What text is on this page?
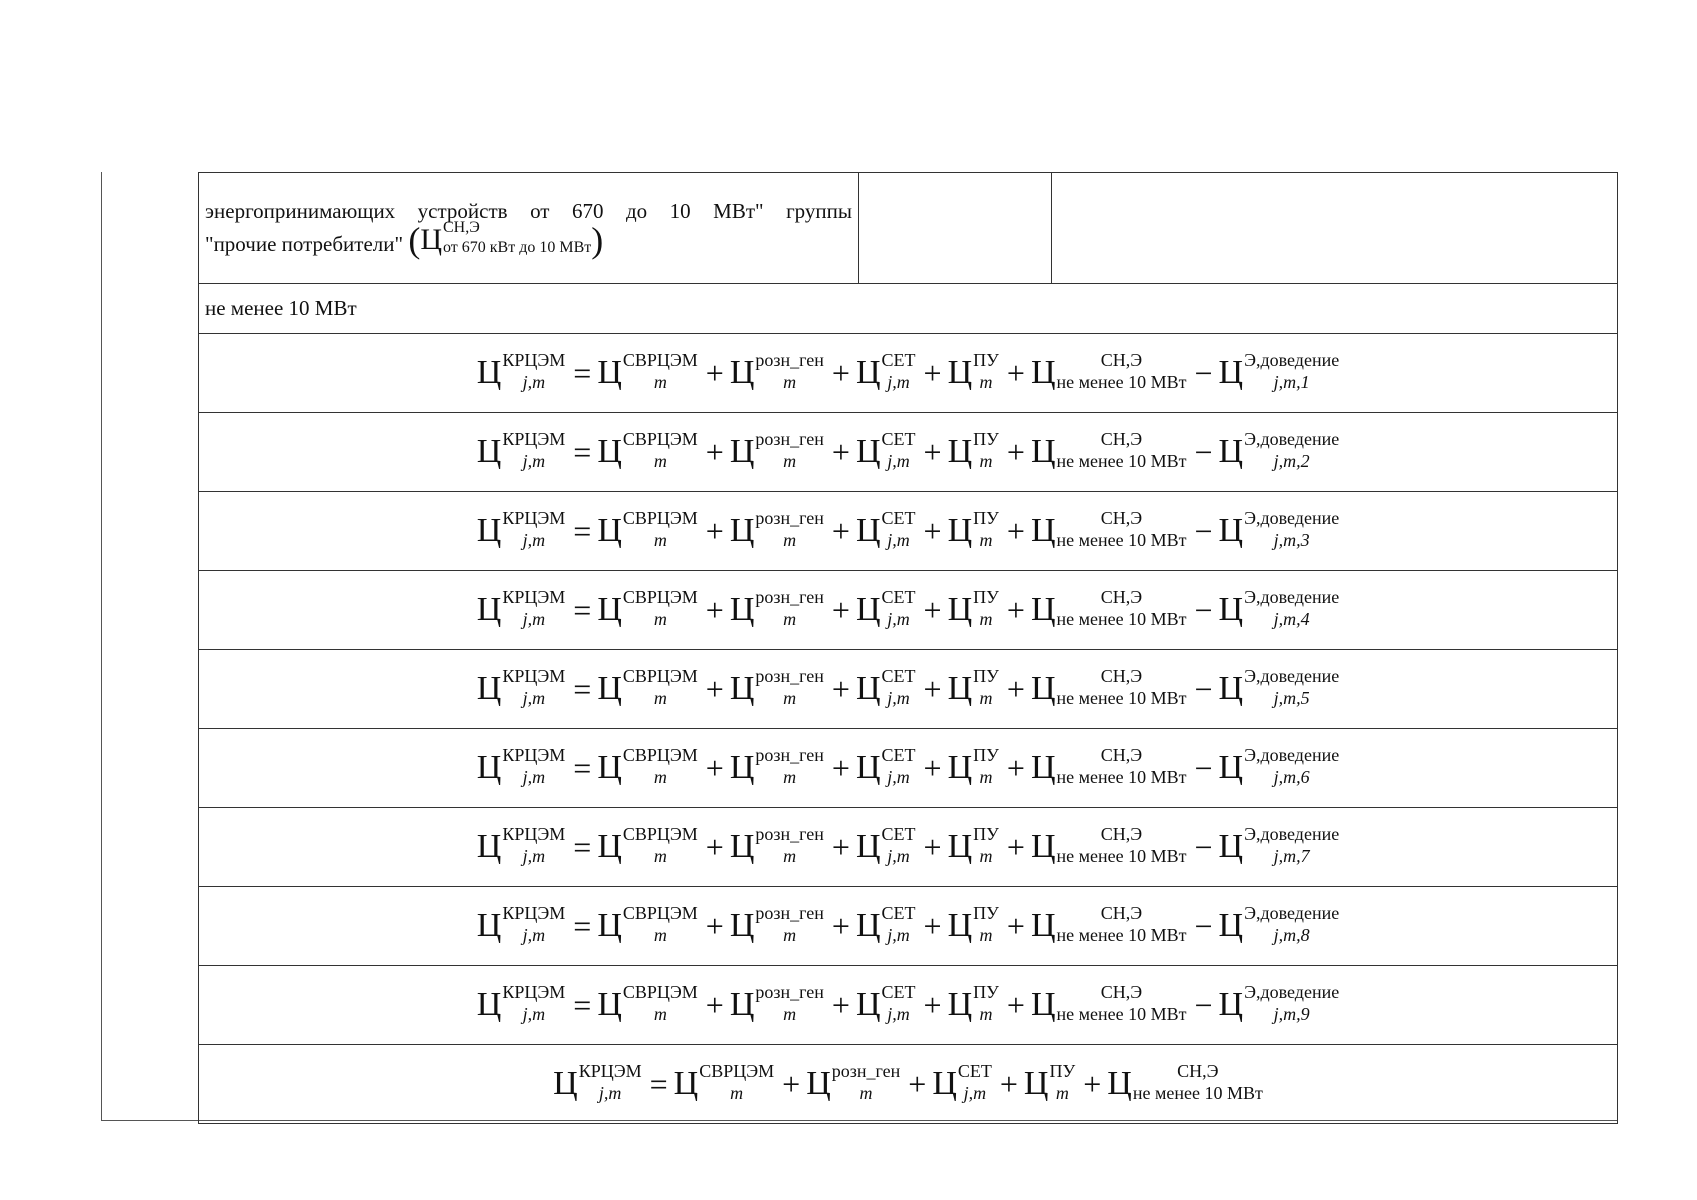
энергопринимающих устройств от 670 до 10 МВт" группы
"прочие потребители" ( Ц СН,Э
от 670 кВт до 10 МВт )

не менее 10 МВт

Ц КРЦЭМ
j,m = Ц СВРЦЭМ
m	+ Ц розн_ген
m	+ Ц СЕТ
j,m + Ц ПУ
m + Ц	СН,Э
не менее 10 МВт − Ц Э,доведение
j,m,1

Ц КРЦЭМ
j,m = Ц СВРЦЭМ
m	+ Ц розн_ген
m	+ Ц СЕТ
j,m + Ц ПУ
m + Ц	СН,Э
не менее 10 МВт − Ц Э,доведение
j,m,2

Ц КРЦЭМ
j,m = Ц СВРЦЭМ
m	+ Ц розн_ген
m	+ Ц СЕТ
j,m + Ц ПУ
m + Ц	СН,Э
не менее 10 МВт − Ц Э,доведение
j,m,3

Ц КРЦЭМ
j,m = Ц СВРЦЭМ
m	+ Ц розн_ген
m	+ Ц СЕТ
j,m + Ц ПУ
m + Ц	СН,Э
не менее 10 МВт − Ц Э,доведение
j,m,4

Ц КРЦЭМ
j,m = Ц СВРЦЭМ
m	+ Ц розн_ген
m	+ Ц СЕТ
j,m + Ц ПУ
m + Ц	СН,Э
не менее 10 МВт − Ц Э,доведение
j,m,5

Ц КРЦЭМ
j,m = Ц СВРЦЭМ
m	+ Ц розн_ген
m	+ Ц СЕТ
j,m + Ц ПУ
m + Ц	СН,Э
не менее 10 МВт − Ц Э,доведение
j,m,6

Ц КРЦЭМ
j,m = Ц СВРЦЭМ
m	+ Ц розн_ген
m	+ Ц СЕТ
j,m + Ц ПУ
m + Ц	СН,Э
не менее 10 МВт − Ц Э,доведение
j,m,7

Ц КРЦЭМ
j,m = Ц СВРЦЭМ
m	+ Ц розн_ген
m	+ Ц СЕТ
j,m + Ц ПУ
m + Ц	СН,Э
не менее 10 МВт − Ц Э,доведение
j,m,8

Ц КРЦЭМ
j,m = Ц СВРЦЭМ
m	+ Ц розн_ген
m	+ Ц СЕТ
j,m + Ц ПУ
m + Ц	СН,Э
не менее 10 МВт − Ц Э,доведение
j,m,9

Ц КРЦЭМ
j,m = Ц СВРЦЭМ
m	+ Ц розн_ген
m	+ Ц СЕТ
j,m + Ц ПУ
m + Ц	СН,Э
не менее 10 МВт
